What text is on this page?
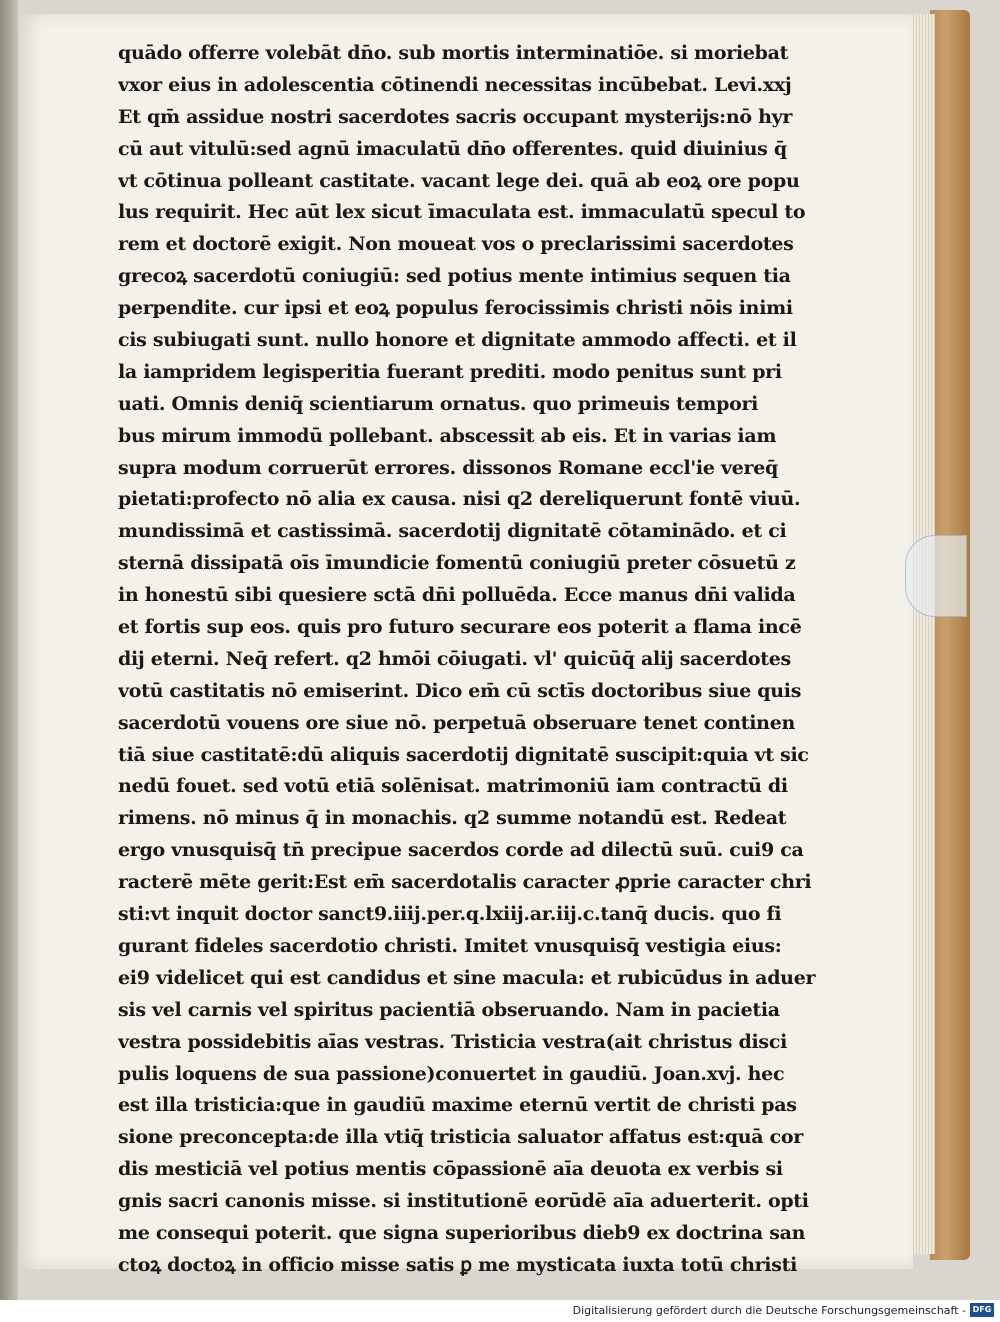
quādo offerre volebāt dn̄o. sub mortis interminatiōe. si moriebat
vxor eius in adolescentia cōtinendi necessitas incūbebat. Levi.xxj
Et qm̄ assidue nostri sacerdotes sacris occupant mysterijs:nō hyr
cū aut vitulū:sed agnū imaculatū dn̄o offerentes. quid diuinius q̄
vt cōtinua polleant castitate. vacant lege dei. quā ab eoꝝ ore popu
lus requirit. Hec aūt lex sicut īmaculata est. immaculatū specul to
rem et doctorē exigit. Non moueat vos o preclarissimi sacerdotes
grecoꝝ sacerdotū coniugiū: sed potius mente intimius sequen tia
perpendite. cur ipsi et eoꝝ populus ferocissimis christi nōis inimi
cis subiugati sunt. nullo honore et dignitate ammodo affecti. et il
la iampridem legisperitia fuerant prediti. modo penitus sunt pri
uati. Omnis deniq̄ scientiarum ornatus. quo primeuis tempori
bus mirum immodū pollebant. abscessit ab eis. Et in varias iam
supra modum corruerūt errores. dissonos Romane eccl'ie vereq̄
pietati:profecto nō alia ex causa. nisi q2 dereliquerunt fontē viuū.
mundissimā et castissimā. sacerdotij dignitatē cōtaminādo. et ci
sternā dissipatā oīs īmundicie fomentū coniugiū preter cōsuetū z
in honestū sibi quesiere sctā dn̄i polluēda. Ecce manus dn̄i valida
et fortis sup eos. quis pro futuro securare eos poterit a flama incē
dij eterni. Neq̄ refert. q2 hmōi cōiugati. vl' quicūq̄ alij sacerdotes
votū castitatis nō emiserint. Dico em̄ cū sctīs doctoribus siue quis
sacerdotū vouens ore siue nō. perpetuā obseruare tenet continen
tiā siue castitatē:dū aliquis sacerdotij dignitatē suscipit:quia vt sic
nedū fouet. sed votū etiā solēnisat. matrimoniū iam contractū di
rimens. nō minus q̄ in monachis. q2 summe notandū est. Redeat
ergo vnusquisq̄ tn̄ precipue sacerdos corde ad dilectū suū. cui9 ca
racterē mēte gerit:Est em̄ sacerdotalis caracter ꝓprie caracter chri
sti:vt inquit doctor sanct9.iiij.per.q.lxiij.ar.iij.c.tanq̄ ducis. quo fi
gurant fideles sacerdotio christi. Imitet vnusquisq̄ vestigia eius:
ei9 videlicet qui est candidus et sine macula: et rubicūdus in aduer
sis vel carnis vel spiritus pacientiā obseruando. Nam in pacietia
vestra possidebitis aīas vestras. Tristicia vestra(ait christus disci
pulis loquens de sua passione)conuertet in gaudiū. Joan.xvj. hec
est illa tristicia:que in gaudiū maxime eternū vertit de christi pas
sione preconcepta:de illa vtiq̄ tristicia saluator affatus est:quā cor
dis mesticiā vel potius mentis cōpassionē aīa deuota ex verbis si
gnis sacri canonis misse. si institutionē eorūdē aīa aduerterit. opti
me consequi poterit. que signa superioribus dieb9 ex doctrina san
ctoꝝ doctoꝝ in officio misse satis ꝑ me mysticata iuxta totū christi
Digitalisierung gefördert durch die Deutsche Forschungsgemeinschaft - DFG
